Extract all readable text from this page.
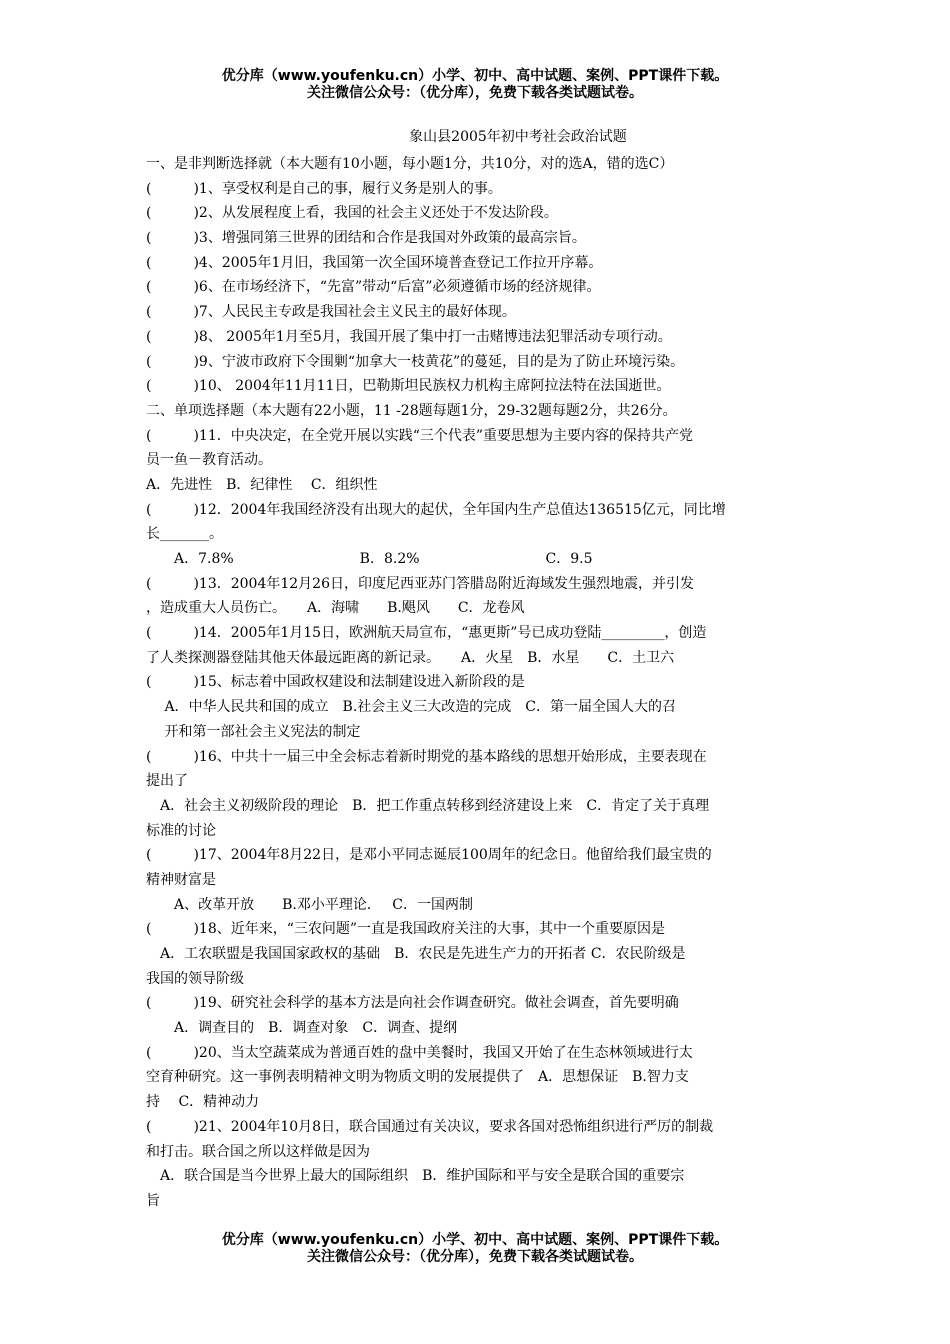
优分库（www.youfenku.cn）小学、初中、高中试题、案例、PPT课件下载。
关注微信公众号：（优分库），免费下载各类试题试卷。
象山县2005年初中考社会政治试题
一、是非判断选择就（本大题有10小题，每小题1分，共10分，对的选A，错的选C）
(　　　)1、享受权利是自己的事，履行义务是别人的事。
(　　　)2、从发展程度上看，我国的社会主义还处于不发达阶段。
(　　　)3、增强同第三世界的团结和合作是我国对外政策的最高宗旨。
(　　　)4、2005年1月旧，我国第一次全国环境普查登记工作拉开序幕。
(　　　)6、在市场经济下，“先富”带动“后富”必须遵循市场的经济规律。
(　　　)7、人民民主专政是我国社会主义民主的最好体现。
(　　　)8、 2005年1月至5月，我国开展了集中打一击赌博违法犯罪活动专项行动。
(　　　)9、宁波市政府下令围剿“加拿大一枝黄花”的蔓延，目的是为了防止环境污染。
(　　　)10、 2004年11月11日，巴勒斯坦民族权力机构主席阿拉法特在法国逝世。
二、单项选择题（本大题有22小题，11 -28题每题1分，29-32题每题2分，共26分。
(　　　)11．中央决定，在全党开展以实践“三个代表”重要思想为主要内容的保持共产党
员一鱼－教育活动。
A．先进性　B．纪律性　 C．组织性
(　　　)12．2004年我国经济没有出现大的起伏，全年国内生产总值达136515亿元，同比增
长_______。
　　A．7.8%　　　　　　　　　B．8.2%　　　　　　　　　C．9.5
(　　　)13．2004年12月26日，印度尼西亚苏门答腊岛附近海域发生强烈地震，并引发
，造成重大人员伤亡。　　A．海啸　　B.飓风　　C．龙卷风
(　　　)14．2005年1月15日，欧洲航天局宣布，“惠更斯”号已成功登陆_________，创造
了人类探测器登陆其他天体最远距离的新记录。　　A．火星　B．水星　　C．土卫六
(　　　)15、标志着中国政权建设和法制建设进入新阶段的是
　 A．中华人民共和国的成立　B.社会主义三大改造的完成　C．第一届全国人大的召
　 开和第一部社会主义宪法的制定
(　　　)16、中共十一届三中全会标志着新时期党的基本路线的思想开始形成，主要表现在
提出了
　A．社会主义初级阶段的理论　B．把工作重点转移到经济建设上来　C．肯定了关于真理
标准的讨论
(　　　)17、2004年8月22日，是邓小平同志诞辰100周年的纪念日。他留给我们最宝贵的
精神财富是
　　A、改革开放　　B.邓小平理论．　 C．一国两制
(　　　)18、近年来，“三农问题”一直是我国政府关注的大事，其中一个重要原因是
　A．工农联盟是我国国家政权的基础　B．农民是先进生产力的开拓者 C．农民阶级是
我国的领导阶级
(　　　)19、研究社会科学的基本方法是向社会作调查研究。做社会调查，首先要明确
　　A．调查目的　B．调查对象　C．调查、提纲
(　　　)20、当太空蔬菜成为普通百姓的盘中美餐时，我国又开始了在生态林领域进行太
空育种研究。这一事例表明精神文明为物质文明的发展提供了　A．思想保证　B.智力支
持　 C．精神动力
(　　　)21、2004年10月8日，联合国通过有关决议，要求各国对恐怖组织进行严厉的制裁
和打击。联合国之所以这样做是因为
　A．联合国是当今世界上最大的国际组织　B．维护国际和平与安全是联合国的重要宗
旨
优分库（www.youfenku.cn）小学、初中、高中试题、案例、PPT课件下载。
关注微信公众号：（优分库），免费下载各类试题试卷。
